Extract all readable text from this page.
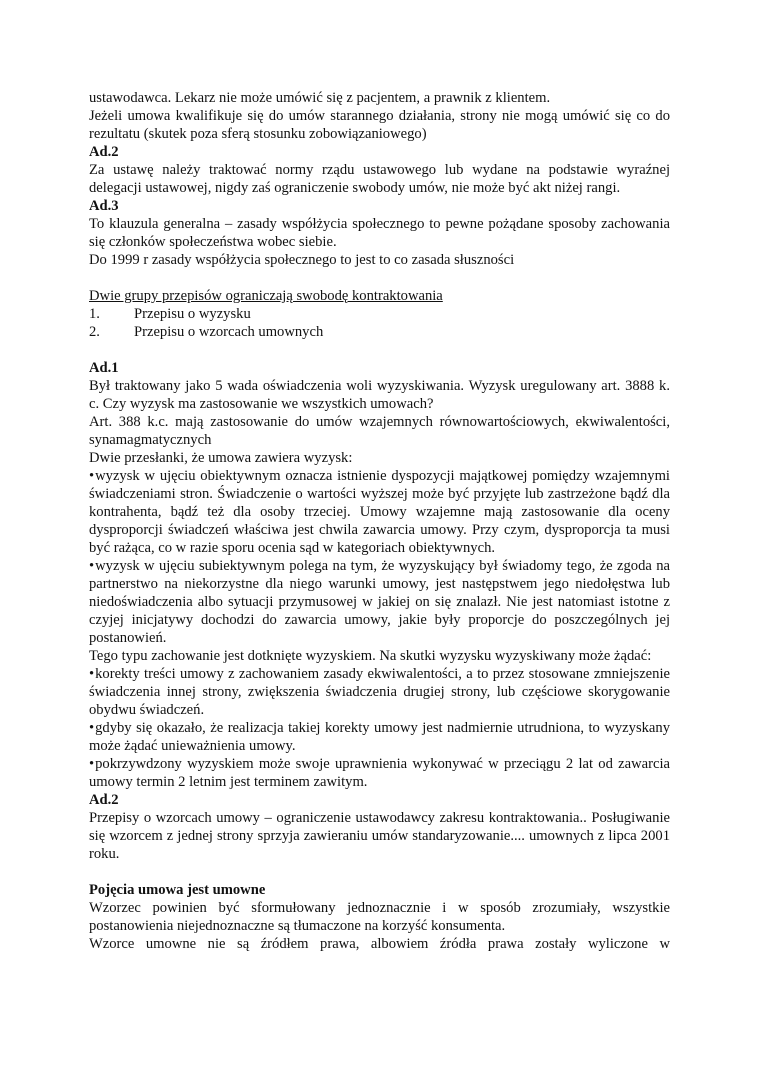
ustawodawca. Lekarz nie może umówić się z pacjentem, a prawnik z klientem.

Jeżeli umowa kwalifikuje się do umów starannego działania, strony nie mogą umówić się co do rezultatu (skutek poza sferą stosunku zobowiązaniowego)

Ad.2

Za ustawę należy traktować normy rządu ustawowego lub wydane na podstawie wyraźnej delegacji ustawowej, nigdy zaś ograniczenie swobody umów, nie może być akt niżej rangi.

Ad.3

To klauzula generalna – zasady współżycia społecznego to pewne pożądane sposoby zachowania się członków społeczeństwa wobec siebie.

Do 1999 r zasady współżycia społecznego to jest to co zasada słuszności

Dwie grupy przepisów ograniczają swobodę kontraktowania

1.	Przepisu o wyzysku
2.	Przepisu o wzorcach umownych

Ad.1

Był traktowany jako 5 wada oświadczenia woli wyzyskiwania. Wyzysk uregulowany art. 3888 k. c. Czy wyzysk ma zastosowanie we wszystkich umowach?

Art. 388 k.c. mają zastosowanie do umów wzajemnych równowartościowych, ekwiwalentości, synamagmatycznych

Dwie przesłanki, że umowa zawiera wyzysk:

• wyzysk w ujęciu obiektywnym oznacza istnienie dyspozycji majątkowej pomiędzy wzajemnymi świadczeniami stron. Świadczenie o wartości wyższej może być przyjęte lub zastrzeżone bądź dla kontrahenta, bądź też dla osoby trzeciej. Umowy wzajemne mają zastosowanie dla oceny dysproporcji świadczeń właściwa jest chwila zawarcia umowy. Przy czym, dysproporcja ta musi być rażąca, co w razie sporu ocenia sąd w kategoriach obiektywnych.

• wyzysk w ujęciu subiektywnym polega na tym, że wyzyskujący był świadomy tego, że zgoda na partnerstwo na niekorzystne dla niego warunki umowy, jest następstwem jego niedołęstwa lub niedoświadczenia albo sytuacji przymusowej w jakiej on się znalazł. Nie jest natomiast istotne z czyjej inicjatywy dochodzi do zawarcia umowy, jakie były proporcje do poszczególnych jej postanowień.

Tego typu zachowanie jest dotknięte wyzyskiem. Na skutki wyzysku wyzyskiwany może żądać:

• korekty treści umowy z zachowaniem zasady ekwiwalentości, a to przez stosowane zmniejszenie świadczenia innej strony, zwiększenia świadczenia drugiej strony, lub częściowe skorygowanie obydwu świadczeń.

• gdyby się okazało, że realizacja takiej korekty umowy jest nadmiernie utrudniona, to wyzyskany może żądać unieważnienia umowy.

• pokrzywdzony wyzyskiem może swoje uprawnienia wykonywać w przeciągu 2 lat od zawarcia umowy termin 2 letnim jest terminem zawitym.

Ad.2

Przepisy o wzorcach umowy – ograniczenie ustawodawcy zakresu kontraktowania.. Posługiwanie się wzorcem z jednej strony sprzyja zawieraniu umów standaryzowanie.... umownych z lipca 2001 roku.

Pojęcia umowa jest umowne

Wzorzec powinien być sformułowany jednoznacznie i w sposób zrozumiały, wszystkie postanowienia niejednoznaczne są tłumaczone na korzyść konsumenta.

Wzorce umowne nie są źródłem prawa, albowiem źródła prawa zostały wyliczone w
